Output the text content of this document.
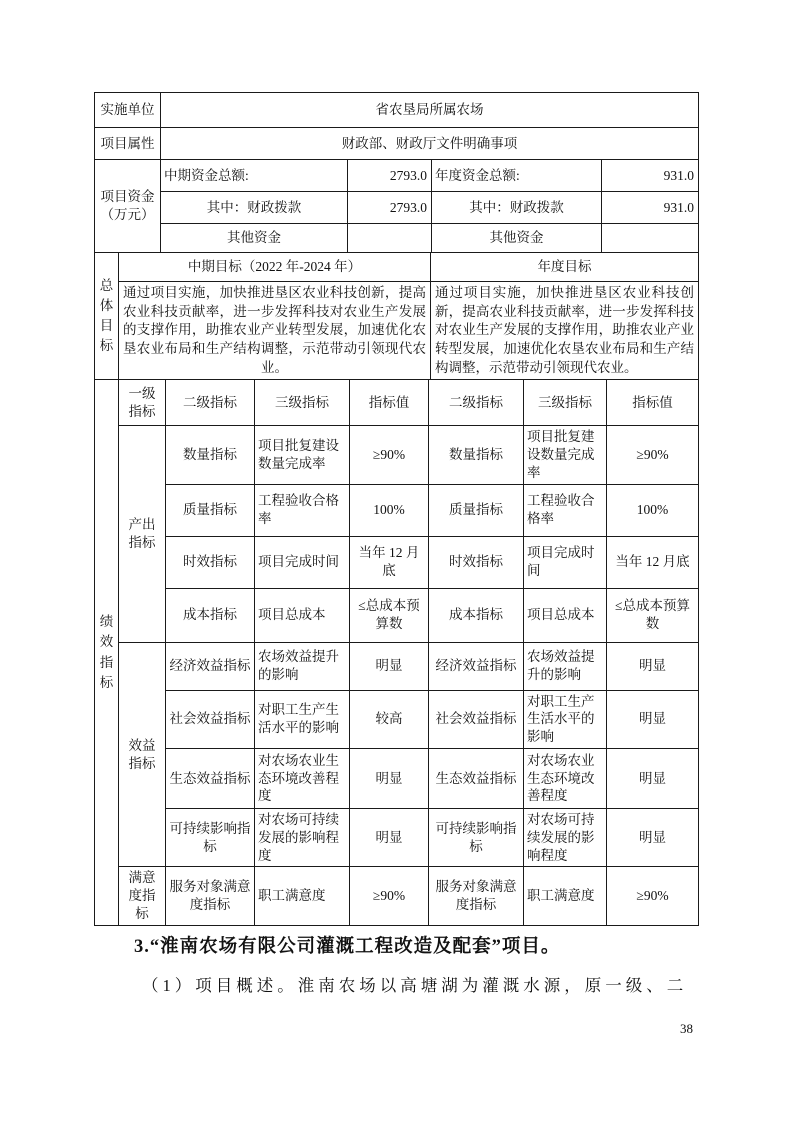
实施单位	省农垦局所属农场			
项目属性	财政部、财政厅文件明确事项			
项目资金（万元）	中期资金总额:	2793.0	年度资金总额:	931.0
	其中：财政拨款	2793.0	其中：财政拨款	931.0
	其他资金		其他资金	
总体目标	中期目标（2022 年-2024 年）	年度目标
	通过项目实施，加快推进垦区农业科技创新，提高农业科技贡献率，进一步发挥科技对农业生产发展的支撑作用，助推农业产业转型发展，加速优化农垦农业布局和生产结构调整，示范带动引领现代农业。	通过项目实施，加快推进垦区农业科技创新，提高农业科技贡献率，进一步发挥科技对农业生产发展的支撑作用，助推农业产业转型发展，加速优化农垦农业布局和生产结构调整，示范带动引领现代农业。
绩效指标	一级指标	二级指标	三级指标	指标值	二级指标	三级指标	指标值
	产出指标	数量指标	项目批复建设数量完成率	≥90%	数量指标	项目批复建设数量完成率	≥90%
		质量指标	工程验收合格率	100%	质量指标	工程验收合格率	100%
		时效指标	项目完成时间	当年 12 月底	时效指标	项目完成时间	当年 12 月底
		成本指标	项目总成本	≤总成本预算数	成本指标	项目总成本	≤总成本预算数
	效益指标	经济效益指标	农场效益提升的影响	明显	经济效益指标	农场效益提升的影响	明显
		社会效益指标	对职工生产生活水平的影响	较高	社会效益指标	对职工生产生活水平的影响	明显
		生态效益指标	对农场农业生态环境改善程度	明显	生态效益指标	对农场农业生态环境改善程度	明显
		可持续影响指标	对农场可持续发展的影响程度	明显	可持续影响指标	对农场可持续发展的影响程度	明显
	满意度指标	服务对象满意度指标	职工满意度	≥90%	服务对象满意度指标	职工满意度	≥90%
3.“淮南农场有限公司灌溉工程改造及配套”项目。
（1）项目概述。淮南农场以高塘湖为灌溉水源，原一级、二
38
